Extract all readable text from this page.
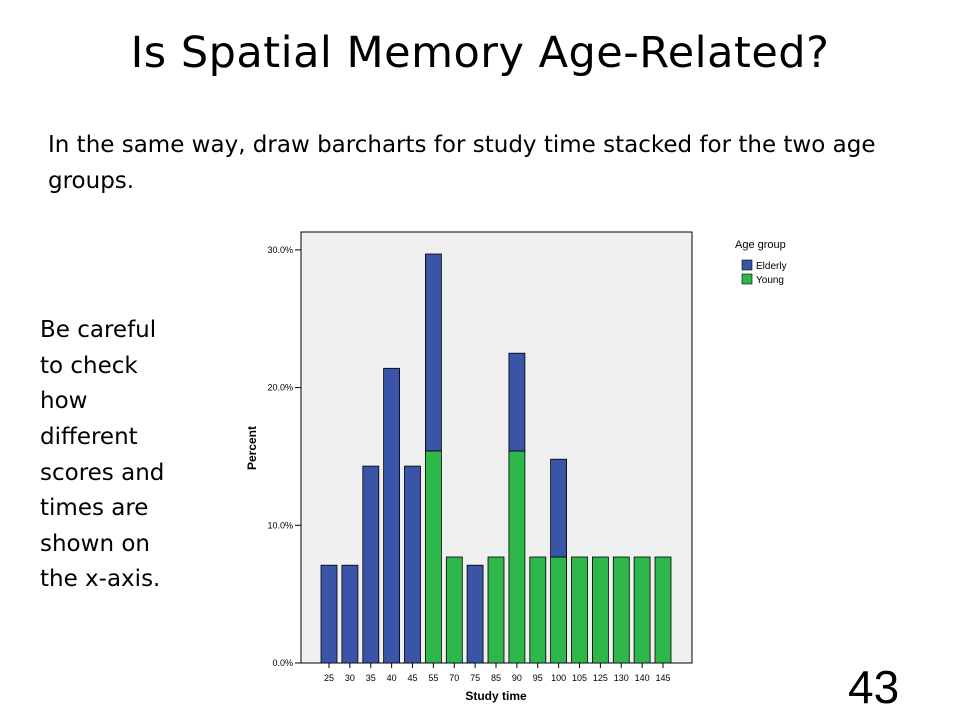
Is Spatial Memory Age-Related?
In the same way, draw barcharts for study time stacked for the two age groups.
Be careful
to check
how
different
scores and
times are
shown on
the x-axis.
43
0.0%
10.0%
20.0%
30.0%
25 30 35 40 45 55 70 75 85 90 95 100 105 125 130 140 145
Study time
Percent
Age group
Elderly
Young
